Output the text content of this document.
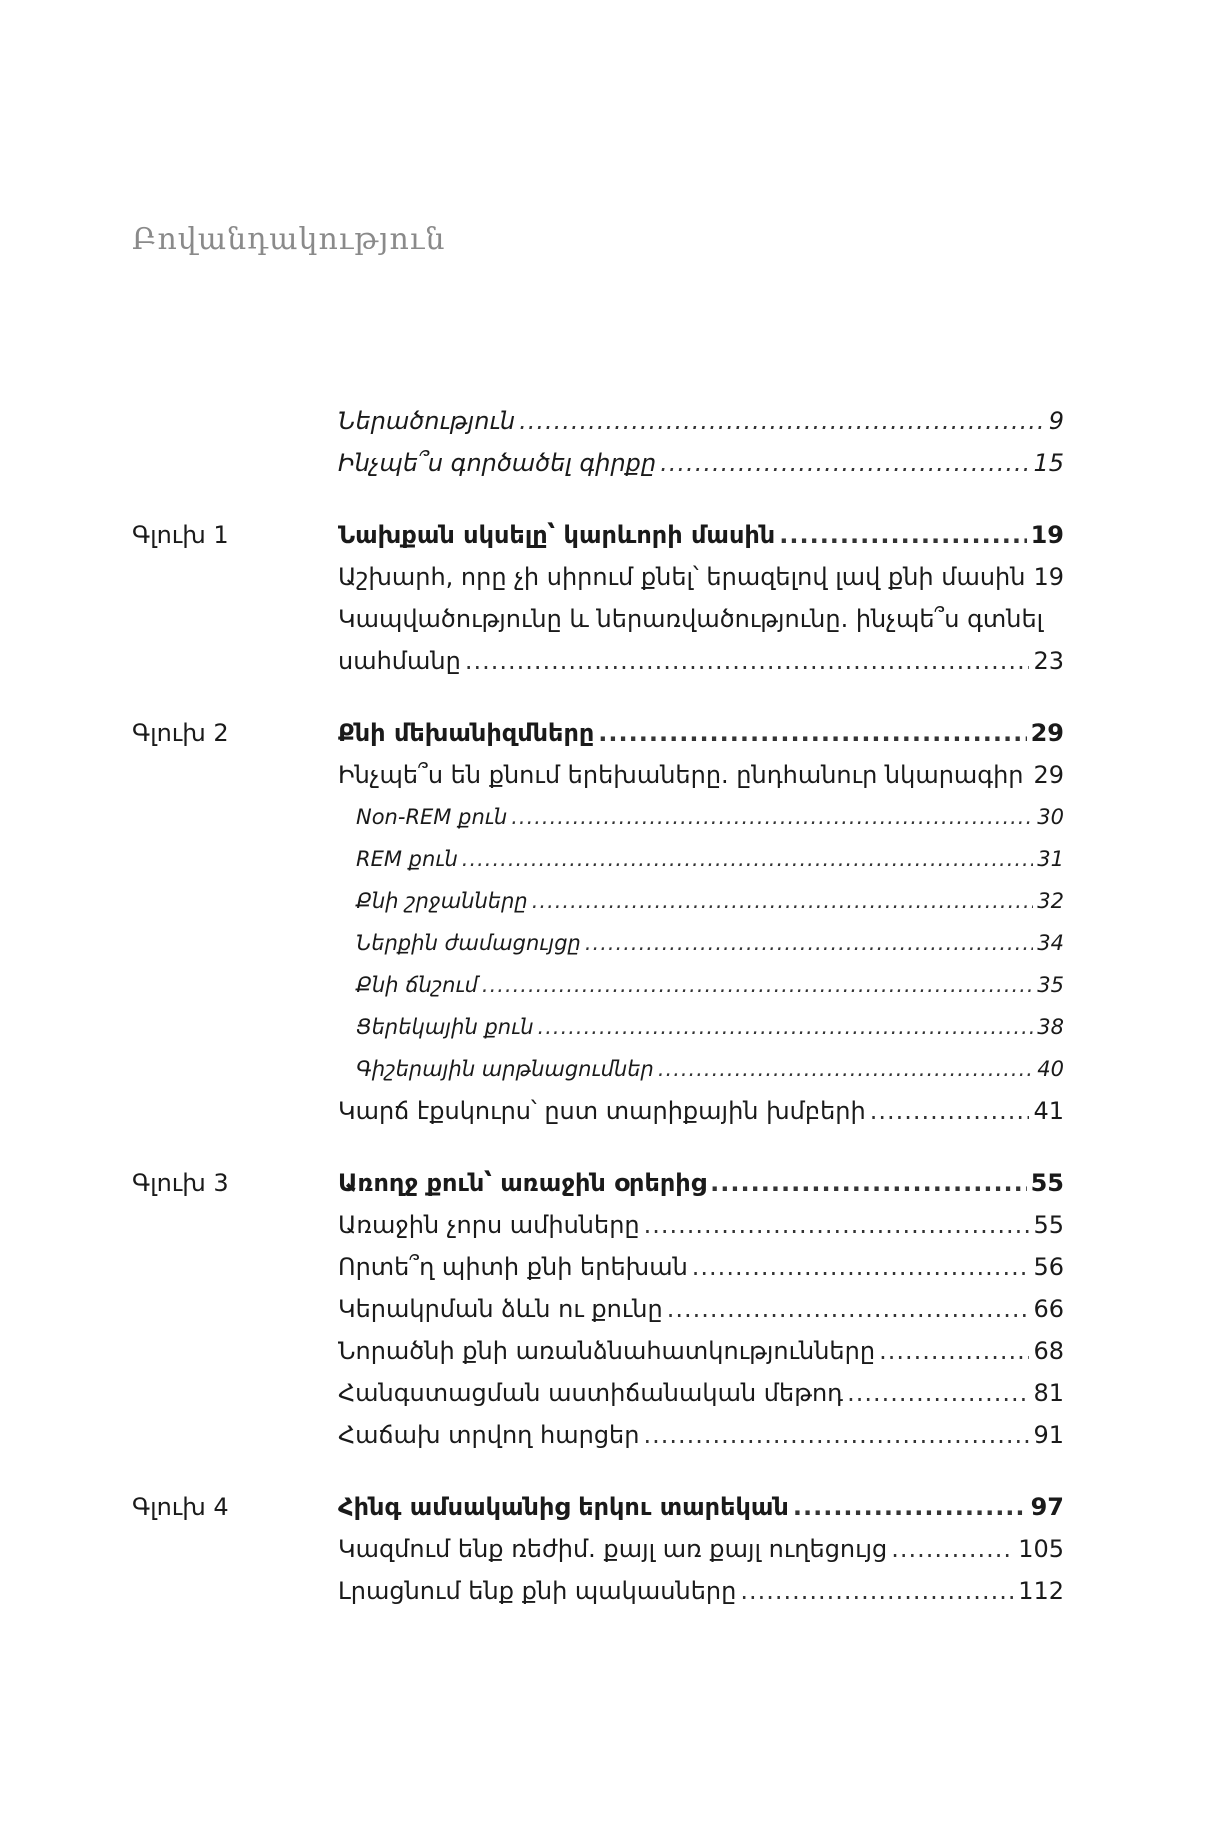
Բովանդակություն
Ներածություն .....	9
Ինչպե՞ս գործածել գիրքը .....	15
Գլուխ 1	Նախքան սկսելը՝ կարևորի մասին .....	19
Աշխարհ, որը չի սիրում քնել՝ երազելով լավ քնի մասին 19
Կապվածությունը և ներառվածությունը. ինչպե՞ս գտնել
սահմանը .....	23
Գլուխ 2	Քնի մեխանիզմները .....	29
Ինչպե՞ս են քնում երեխաները. ընդհանուր նկարագիր ..... 29
Non-REM քուն .....	30
REM քուն .....	31
Քնի շրջանները .....	32
Ներքին ժամացույցը .....	34
Քնի ճնշում .....	35
Ցերեկային քուն .....	38
Գիշերային արթնացումներ .....	40
Կարճ էքսկուրս՝ ըստ տարիքային խմբերի .....	41
Գլուխ 3	Առողջ քուն՝ առաջին օրերից .....	55
Առաջին չորս ամիսները .....	55
Որտե՞ղ պիտի քնի երեխան .....	56
Կերակրման ձևն ու քունը .....	66
Նորածնի քնի առանձնահատկությունները .....	68
Հանգստացման աստիճանական մեթոդ .....	81
Հաճախ տրվող հարցեր .....	91
Գլուխ 4	Հինգ ամսականից երկու տարեկան .....	97
Կազմում ենք ռեժիմ. քայլ առ քայլ ուղեցույց .....	105
Լրացնում ենք քնի պակասները .....	112
